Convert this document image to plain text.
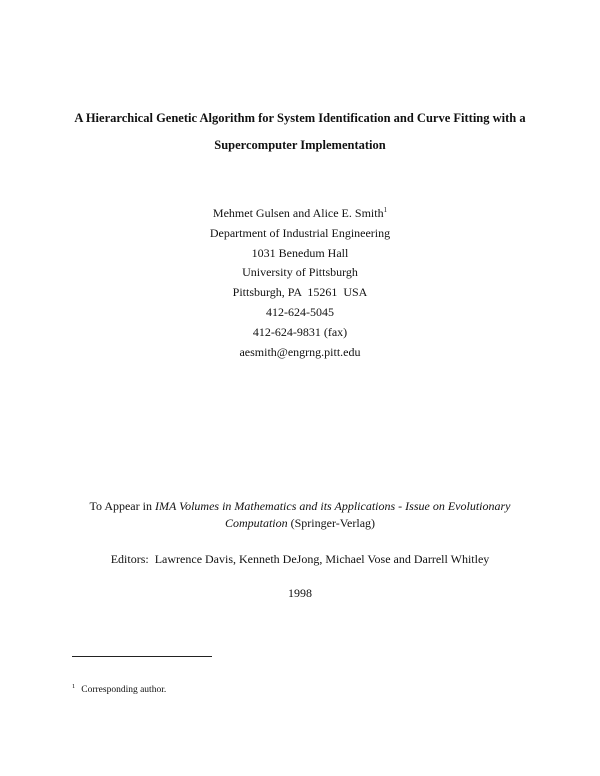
A Hierarchical Genetic Algorithm for System Identification and Curve Fitting with a
Supercomputer Implementation
Mehmet Gulsen and Alice E. Smith$^1$
Department of Industrial Engineering
1031 Benedum Hall
University of Pittsburgh
Pittsburgh, PA  15261  USA
412-624-5045
412-624-9831 (fax)
aesmith@engrng.pitt.edu
To Appear in IMA Volumes in Mathematics and its Applications - Issue on Evolutionary Computation (Springer-Verlag)
Editors:  Lawrence Davis, Kenneth DeJong, Michael Vose and Darrell Whitley
1998
$^1$ Corresponding author.
